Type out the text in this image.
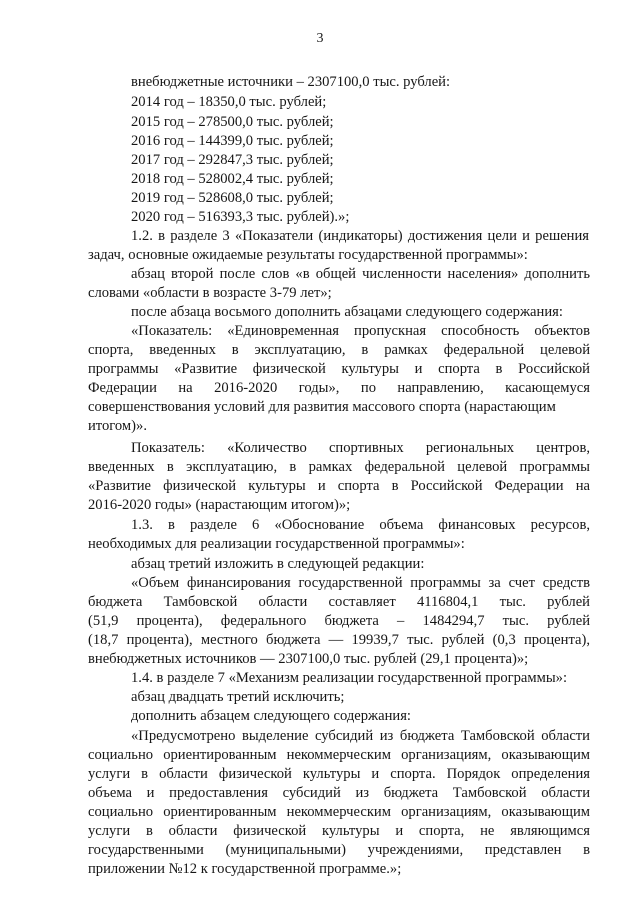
3
внебюджетные источники – 2307100,0 тыс. рублей:
2014 год – 18350,0 тыс. рублей;
2015 год – 278500,0 тыс. рублей;
2016 год – 144399,0 тыс. рублей;
2017 год – 292847,3 тыс. рублей;
2018 год – 528002,4 тыс. рублей;
2019 год – 528608,0 тыс. рублей;
2020 год – 516393,3 тыс. рублей).»;
1.2. в разделе 3 «Показатели (индикаторы) достижения цели и решения
задач, основные ожидаемые результаты государственной программы»:
абзац второй после слов «в общей численности населения» дополнить
словами «области в возрасте 3-79 лет»;
после абзаца восьмого дополнить абзацами следующего содержания:
«Показатель: «Единовременная пропускная способность объектов
спорта, введенных в эксплуатацию, в рамках федеральной целевой
программы «Развитие физической культуры и спорта в Российской
Федерации на 2016-2020 годы», по направлению, касающемуся
совершенствования условий для развития массового спорта (нарастающим
итогом)».
Показатель: «Количество спортивных региональных центров,
введенных в эксплуатацию, в рамках федеральной целевой программы
«Развитие физической культуры и спорта в Российской Федерации на
2016-2020 годы» (нарастающим итогом)»;
1.3. в разделе 6 «Обоснование объема финансовых ресурсов,
необходимых для реализации государственной программы»:
абзац третий изложить в следующей редакции:
«Объем финансирования государственной программы за счет средств
бюджета Тамбовской области составляет 4116804,1 тыс. рублей
(51,9 процента), федерального бюджета – 1484294,7 тыс. рублей
(18,7 процента), местного бюджета — 19939,7 тыс. рублей (0,3 процента),
внебюджетных источников — 2307100,0 тыс. рублей (29,1 процента)»;
1.4. в разделе 7 «Механизм реализации государственной программы»:
абзац двадцать третий исключить;
дополнить абзацем следующего содержания:
«Предусмотрено выделение субсидий из бюджета Тамбовской области
социально ориентированным некоммерческим организациям, оказывающим
услуги в области физической культуры и спорта. Порядок определения
объема и предоставления субсидий из бюджета Тамбовской области
социально ориентированным некоммерческим организациям, оказывающим
услуги в области физической культуры и спорта, не являющимся
государственными (муниципальными) учреждениями, представлен в
приложении №12 к государственной программе.»;
